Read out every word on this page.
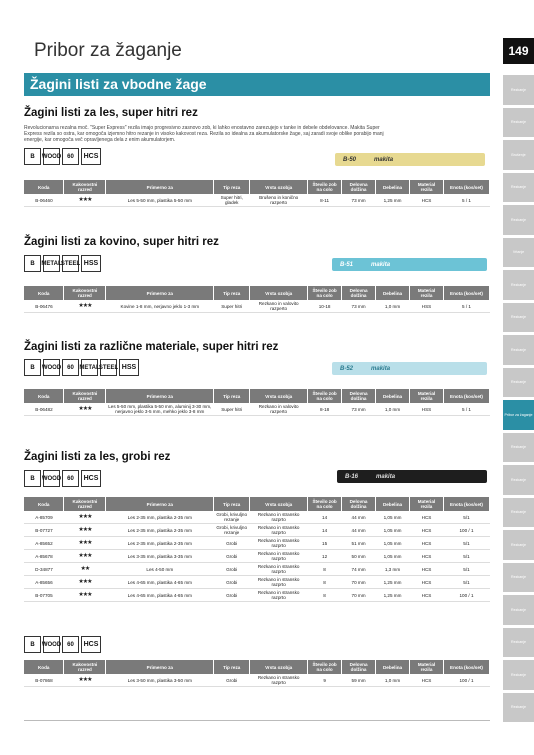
Pribor za žaganje	149
Žagini listi za vbodne žage
Žagini listi za les, super hitri rez
Revolucionarna rezalna moč. "Super Express" rezila imajo progresivno zasnovo zob, ki lahko enostavno zarezujejo v tanke in debele obdelovance. Makita Super Express rezila so ostra, kar omogoča izjemno hitro rezanje in visoko kakovost reza. Rezila so idealna za akumulatorske žage, saj zaradi svoje oblike porabijo manj energije, kar omogoča več opravljenega dela z enim akumulatorjem.
B	WOOD 60	HCS	B-50	makita
Koda	Kakovostni razred	Primerno za	Tip reza	Vrsta ozobja	Število zob na colo	Delovna dolžina	Debelina	Material rezila	Enota (kos/set)
B-06460	★★★	Les 5-50 mm, plastika 5-50 mm	Super hitri, gladek	Brušeno in konično razperto	8-11	73 mm	1,25 mm	HCS	5 / 1
Žagini listi za kovino, super hitri rez
B	METAL STEEL HSS	B-51	makita
Koda	Kakovostni razred	Primerno za	Tip reza	Vrsta ozobja	Število zob na colo	Delovna dolžina	Debelina	Material rezila	Enota (kos/set)
B-06476	★★★	Kovine 1-8 mm, nerjavno jeklo 1-3 mm	Super hitri	Rezkano in valovito razperto	10-18	73 mm	1,0 mm	HSS	5 / 1
Žagini listi za različne materiale, super hitri rez
B	WOOD 60 METAL STEEL HSS	B-52	makita
Koda	Kakovostni razred	Primerno za	Tip reza	Vrsta ozobja	Število zob na colo	Delovna dolžina	Debelina	Material rezila	Enota (kos/set)
B-06482	★★★	Les 5-50 mm, plastika 5-50 mm, aluminij 3-30 mm, nerjavno jeklo 3-5 mm, mehko jeklo 3-8 mm	Super hitri	Rezkano in valovito razperto	8-18	73 mm	1,0 mm	HSS	5 / 1
Žagini listi za les, grobi rez
B	WOOD 60	HCS	B-16	makita
Koda	Kakovostni razred	Primerno za	Tip reza	Vrsta ozobja	Število zob na colo	Delovna dolžina	Debelina	Material rezila	Enota (kos/set)
A-85709	★★★	Les 2-35 mm, plastika 2-35 mm	Grobi, krivuljno rezanje	Rezkano in stransko razprto	14	44 mm	1,05 mm	HCS	5/1
B-07727	★★★	Les 2-35 mm, plastika 2-35 mm	Grobi, krivuljno rezanje	Rezkano in stransko razprto	14	44 mm	1,05 mm	HCS	100 / 1
A-85652	★★★	Les 2-35 mm, plastika 2-35 mm	Grobi	Rezkano in stransko razprto	15	51 mm	1,05 mm	HCS	5/1
A-85678	★★★	Les 3-35 mm, plastika 3-35 mm	Grobi	Rezkano in stransko razprto	12	50 mm	1,05 mm	HCS	5/1
D-34877	★★	Les 4-50 mm	Grobi	Rezkano in stransko razprto	8	74 mm	1,3 mm	HCS	5/1
A-85656	★★★	Les 4-65 mm, plastika 4-65 mm	Grobi	Rezkano in stransko razprto	8	70 mm	1,25 mm	HCS	5/1
B-07705	★★★	Les 4-65 mm, plastika 4-65 mm	Grobi	Rezkano in stransko razprto	8	70 mm	1,25 mm	HCS	100 / 1
B	WOOD 60	HCS
Koda	Kakovostni razred	Primerno za	Tip reza	Vrsta ozobja	Število zob na colo	Delovna dolžina	Debelina	Material rezila	Enota (kos/set)
B-07868	★★★	Les 3-50 mm, plastika 3-50 mm	Grobi	Rezkano in stransko razprto	9	59 mm	1,0 mm	HCS	100 / 1
Rezkanje
Rezkanje
Brušenje
Rezkanje
Rezkanje
Vrtanje
Rezkanje
Rezkanje
Rezkanje
Rezkanje
Pribor za žaganje
Rezkanje
Rezkanje
Rezkanje
Rezkanje
Rezkanje
Rezkanje
Rezkanje
Rezkanje
Rezkanje
